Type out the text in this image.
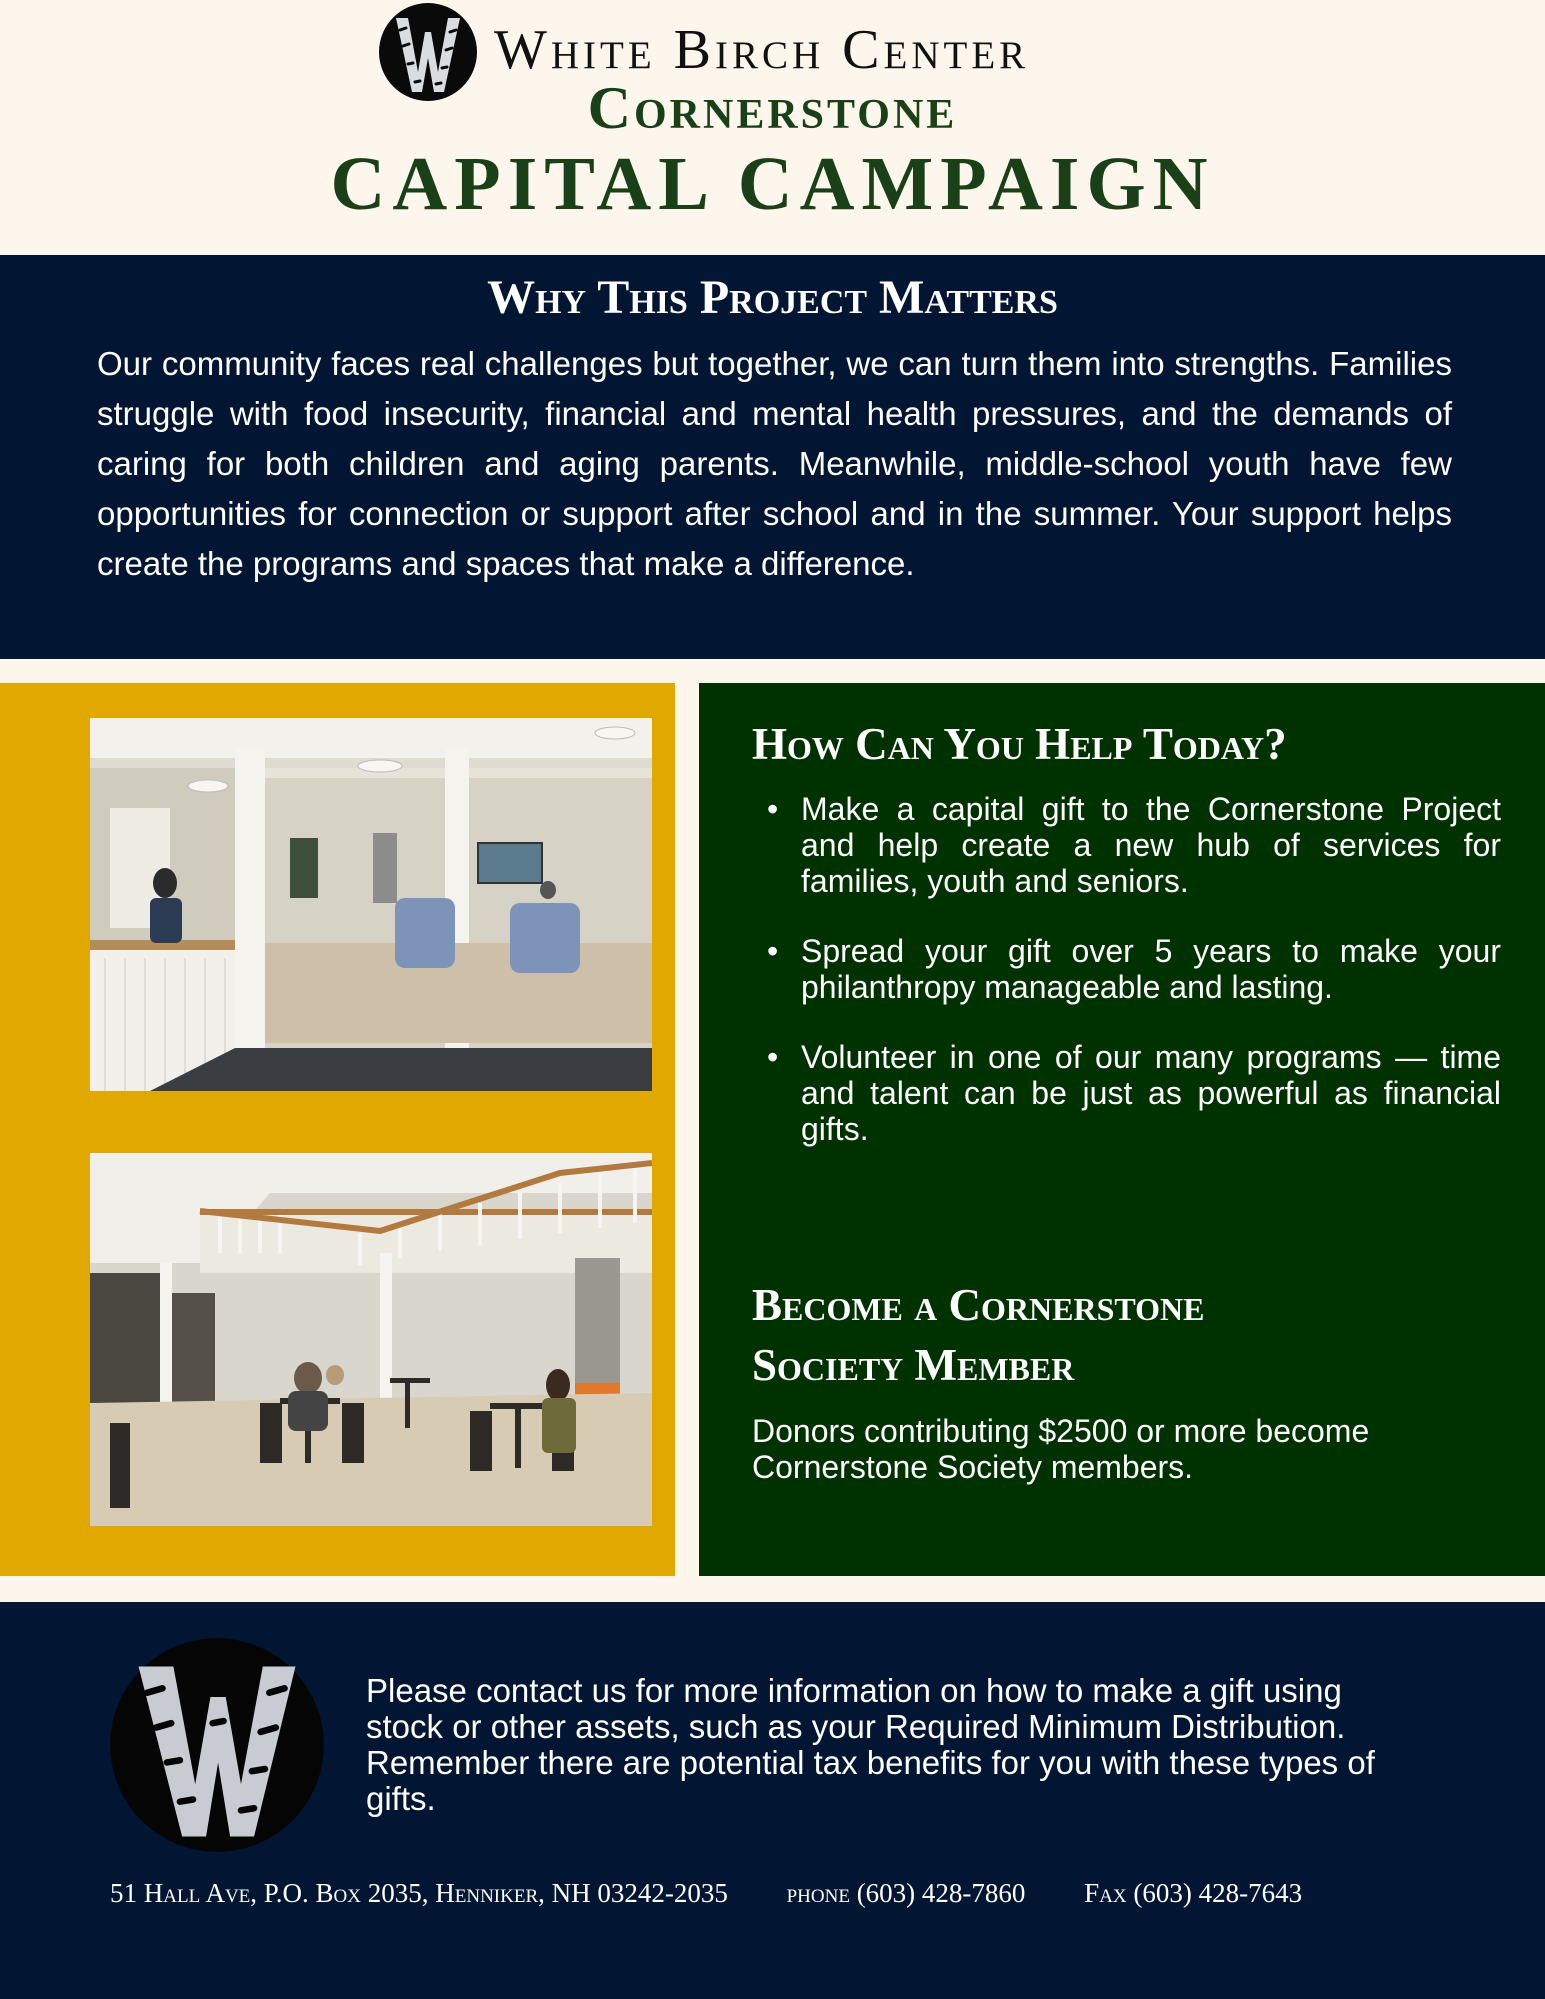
White Birch Center
Cornerstone
CAPITAL CAMPAIGN
Why This Project Matters
Our community faces real challenges but together, we can turn them into strengths. Families struggle with food insecurity, financial and mental health pressures, and the demands of caring for both children and aging parents. Meanwhile, middle-school youth have few opportunities for connection or support after school and in the summer. Your support helps create the programs and spaces that make a difference.
How Can You Help Today?
• Make a capital gift to the Cornerstone Project and help create a new hub of services for families, youth and seniors.
• Spread your gift over 5 years to make your philanthropy manageable and lasting.
• Volunteer in one of our many programs — time and talent can be just as powerful as financial gifts.
Become a Cornerstone
Society Member
Donors contributing $2500 or more become Cornerstone Society members.
Please contact us for more information on how to make a gift using stock or other assets, such as your Required Minimum Distribution. Remember there are potential tax benefits for you with these types of gifts.
51 Hall Ave, P.O. Box 2035, Henniker, NH 03242-2035 phone (603) 428-7860 Fax (603) 428-7643
